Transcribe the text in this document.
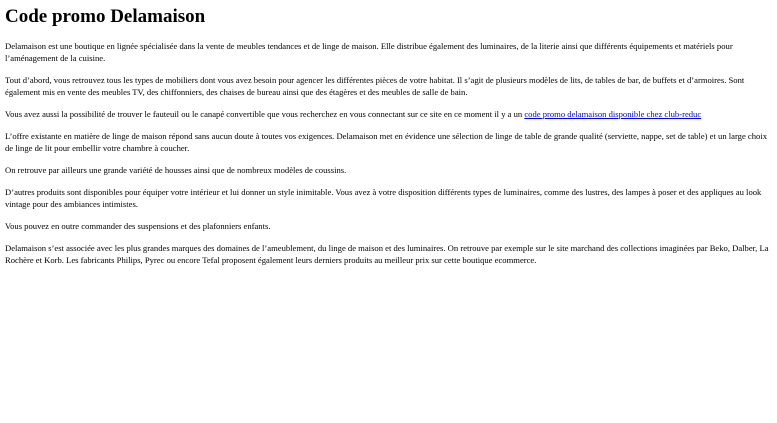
Code promo Delamaison

Delamaison est une boutique en lignée spécialisée dans la vente de meubles tendances et de linge de maison. Elle distribue également des luminaires, de la literie ainsi que différents équipements et matériels pour l’aménagement de la cuisine.

Tout d’abord, vous retrouvez tous les types de mobiliers dont vous avez besoin pour agencer les différentes pièces de votre habitat. Il s’agit de plusieurs modèles de lits, de tables de bar, de buffets et d’armoires. Sont également mis en vente des meubles TV, des chiffonniers, des chaises de bureau ainsi que des étagères et des meubles de salle de bain.

Vous avez aussi la possibilité de trouver le fauteuil ou le canapé convertible que vous recherchez en vous connectant sur ce site en ce moment il y a un code promo delamaison disponible chez club-reduc

L’offre existante en matière de linge de maison répond sans aucun doute à toutes vos exigences. Delamaison met en évidence une sélection de linge de table de grande qualité (serviette, nappe, set de table) et un large choix de linge de lit pour embellir votre chambre à coucher.

On retrouve par ailleurs une grande variété de housses ainsi que de nombreux modèles de coussins.

D’autres produits sont disponibles pour équiper votre intérieur et lui donner un style inimitable. Vous avez à votre disposition différents types de luminaires, comme des lustres, des lampes à poser et des appliques au look vintage pour des ambiances intimistes.

Vous pouvez en outre commander des suspensions et des plafonniers enfants.

Delamaison s’est associée avec les plus grandes marques des domaines de l’ameublement, du linge de maison et des luminaires. On retrouve par exemple sur le site marchand des collections imaginées par Beko, Dalber, La Rochère et Korb. Les fabricants Philips, Pyrec ou encore Tefal proposent également leurs derniers produits au meilleur prix sur cette boutique ecommerce.
